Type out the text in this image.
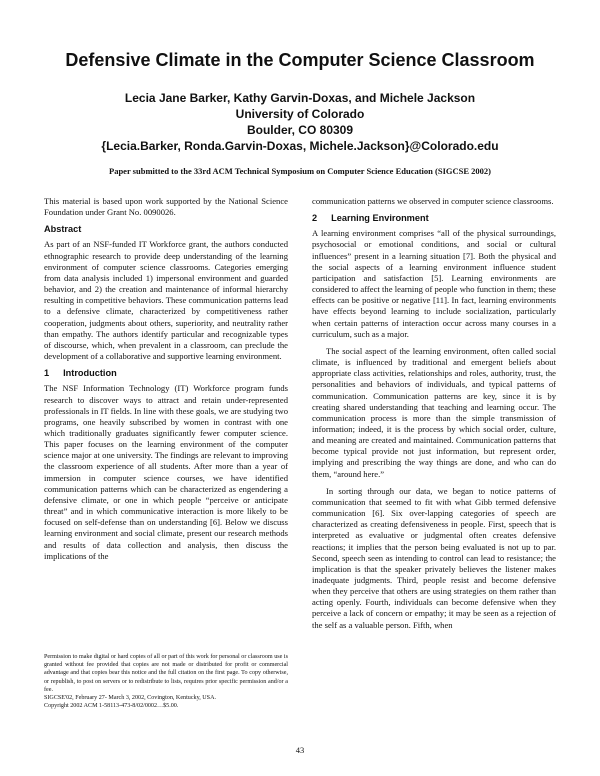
Defensive Climate in the Computer Science Classroom
Lecia Jane Barker, Kathy Garvin-Doxas, and Michele Jackson
University of Colorado
Boulder, CO 80309
{Lecia.Barker, Ronda.Garvin-Doxas, Michele.Jackson}@Colorado.edu
Paper submitted to the 33rd ACM Technical Symposium on Computer Science Education (SIGCSE 2002)

This material is based upon work supported by the National Science Foundation under Grant No. 0090026.

Abstract

As part of an NSF-funded IT Workforce grant, the authors conducted ethnographic research to provide deep understanding of the learning environment of computer science classrooms. Categories emerging from data analysis included 1) impersonal environment and guarded behavior, and 2) the creation and maintenance of informal hierarchy resulting in competitive behaviors. These communication patterns lead to a defensive climate, characterized by competitiveness rather cooperation, judgments about others, superiority, and neutrality rather than empathy. The authors identify particular and recognizable types of discourse, which, when prevalent in a classroom, can preclude the development of a collaborative and supportive learning environment.

1 Introduction

The NSF Information Technology (IT) Workforce program funds research to discover ways to attract and retain under-represented professionals in IT fields. In line with these goals, we are studying two programs, one heavily subscribed by women in contrast with one which traditionally graduates significantly fewer computer science. This paper focuses on the learning environment of the computer science major at one university. The findings are relevant to improving the classroom experience of all students. After more than a year of immersion in computer science courses, we have identified communication patterns which can be characterized as engendering a defensive climate, or one in which people “perceive or anticipate threat” and in which communicative interaction is more likely to be focused on self-defense than on understanding [6]. Below we discuss learning environment and social climate, present our research methods and results of data collection and analysis, then discuss the implications of the

Permission to make digital or hard copies of all or part of this work for personal or classroom use is granted without fee provided that copies are not made or distributed for profit or commercial advantage and that copies bear this notice and the full citation on the first page. To copy otherwise, or republish, to post on servers or to redistribute to lists, requires prior specific permission and/or a fee.
SIGCSE'02, February 27- March 3, 2002, Covington, Kentucky, USA.
Copyright 2002 ACM 1-58113-473-8/02/0002…$5.00.

communication patterns we observed in computer science classrooms.

2 Learning Environment

A learning environment comprises “all of the physical surroundings, psychosocial or emotional conditions, and social or cultural influences” present in a learning situation [7]. Both the physical and the social aspects of a learning environment influence student participation and satisfaction [5]. Learning environments are considered to affect the learning of people who function in them; these effects can be positive or negative [11]. In fact, learning environments have effects beyond learning to include socialization, particularly when certain patterns of interaction occur across many courses in a curriculum, such as a major.

The social aspect of the learning environment, often called social climate, is influenced by traditional and emergent beliefs about appropriate class activities, relationships and roles, authority, trust, the personalities and behaviors of individuals, and typical patterns of communication. Communication patterns are key, since it is by creating shared understanding that teaching and learning occur. The communication process is more than the simple transmission of information; indeed, it is the process by which social order, culture, and meaning are created and maintained. Communication patterns that become typical provide not just information, but represent order, implying and prescribing the way things are done, and who can do them, “around here.”

In sorting through our data, we began to notice patterns of communication that seemed to fit with what Gibb termed defensive communication [6]. Six over-lapping categories of speech are characterized as creating defensiveness in people. First, speech that is interpreted as evaluative or judgmental often creates defensive reactions; it implies that the person being evaluated is not up to par. Second, speech seen as intending to control can lead to resistance; the implication is that the speaker privately believes the listener makes inadequate judgments. Third, people resist and become defensive when they perceive that others are using strategies on them rather than acting openly. Fourth, individuals can become defensive when they perceive a lack of concern or empathy; it may be seen as a rejection of the self as a valuable person. Fifth, when

43
